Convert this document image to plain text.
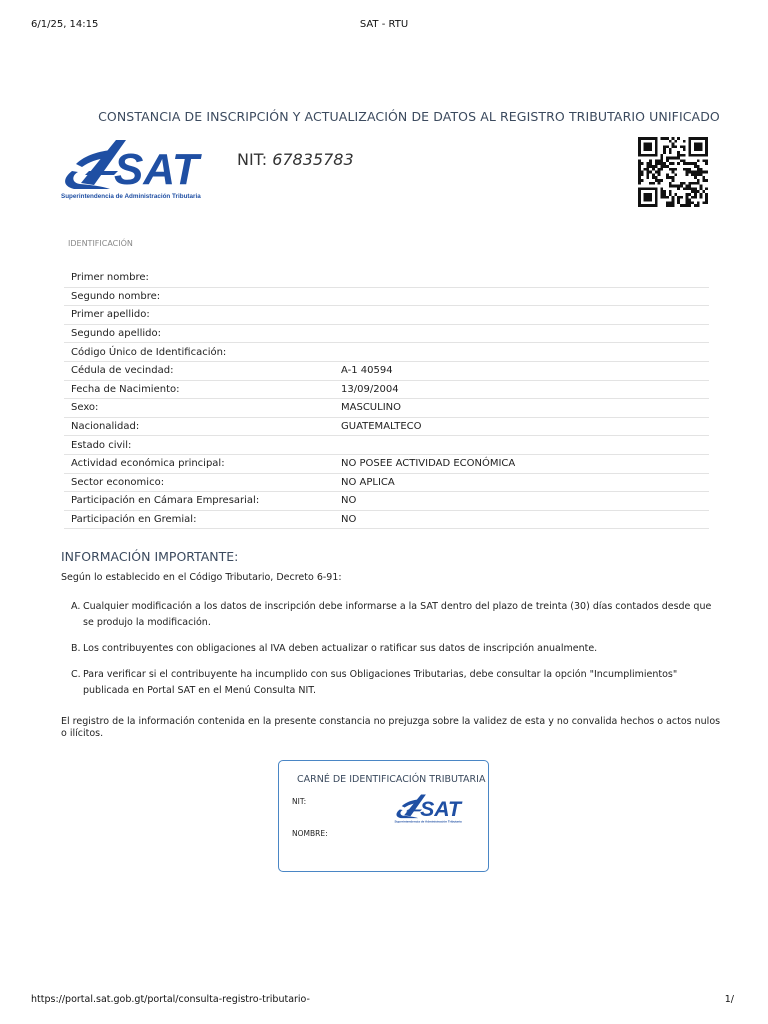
6/1/25, 14:15	SAT - RTU
CONSTANCIA DE INSCRIPCIÓN Y ACTUALIZACIÓN DE DATOS AL REGISTRO TRIBUTARIO UNIFICADO
SAT
Superintendencia de Administración Tributaria
NIT: 67835783
IDENTIFICACIÓN
Primer nombre:	
Segundo nombre:	
Primer apellido:	
Segundo apellido:	
Código Único de Identificación:	
Cédula de vecindad:	A-1 40594
Fecha de Nacimiento:	13/09/2004
Sexo:	MASCULINO
Nacionalidad:	GUATEMALTECO
Estado civil:	
Actividad económica principal:	NO POSEE ACTIVIDAD ECONÓMICA
Sector economico:	NO APLICA
Participación en Cámara Empresarial:	NO
Participación en Gremial:	NO
INFORMACIÓN IMPORTANTE:
Según lo establecido en el Código Tributario, Decreto 6-91:
A. Cualquier modificación a los datos de inscripción debe informarse a la SAT dentro del plazo de treinta (30) días contados desde que se produjo la modificación.
B. Los contribuyentes con obligaciones al IVA deben actualizar o ratificar sus datos de inscripción anualmente.
C. Para verificar si el contribuyente ha incumplido con sus Obligaciones Tributarias, debe consultar la opción "Incumplimientos" publicada en Portal SAT en el Menú Consulta NIT.
El registro de la información contenida en la presente constancia no prejuzga sobre la validez de esta y no convalida hechos o actos nulos o ilícitos.
CARNÉ DE IDENTIFICACIÓN TRIBUTARIA
NIT:
NOMBRE:
SAT
Superintendencia de Administración Tributaria
https://portal.sat.gob.gt/portal/consulta-registro-tributario-	1/
